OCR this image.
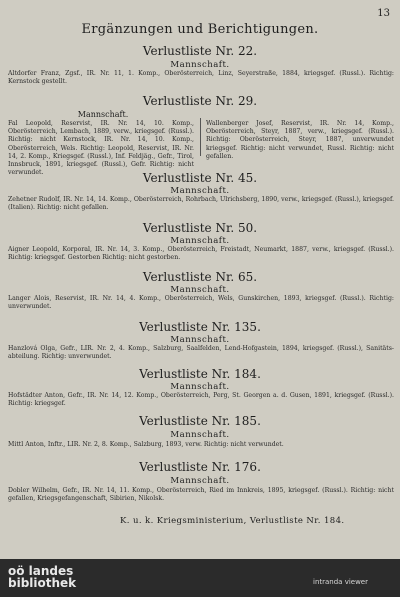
13
Ergänzungen und Berichtigungen.
Verlustliste Nr. 22.
Mannschaft.
Altdorfer Franz, Zgsf., IR. Nr. 11, 1. Komp., Oberösterreich, Linz, Seyerstraße, 1884, kriegsgef. (Russl.). Richtig: Kernstock gestellt.
Verlustliste Nr. 29.
Mannschaft.
Fal Leopold, Reservist, IR. Nr. 14, 10. Komp., Oberösterreich, Lembach, 1889, verw., kriegsgef. (Russl.). Richtig: nicht Kernstock, IR. Nr. 14, 10. Komp., Oberösterreich, Wels. Richtig: Leopold, Reservist, IR. Nr. 14, 2. Komp., Kriegsgef. (Russl.), Inf. Feldjäg., Gefr., Tirol, Innsbruck, 1891, kriegsgef. (Russl.), Gefr. Richtig: nicht verwundet.
Wallenberger Josef, Reservist, IR. Nr. 14, Komp., Oberösterreich, Steyr, 1887, verw., kriegsgef. (Russl.). Richtig: Oberösterreich, Steyr, 1887, unverwundet kriegsgef. Richtig: nicht verwundet, Russl. Richtig: nicht gefallen.
Verlustliste Nr. 45.
Mannschaft.
Zehetner Rudolf, IR. Nr. 14, 14. Komp., Oberösterreich, Rohrbach, Ulrichsberg, 1890, verw., kriegsgef. (Russl.), kriegsgef. (Italien). Richtig: nicht gefallen.
Verlustliste Nr. 50.
Mannschaft.
Aigner Leopold, Korporal, IR. Nr. 14, 3. Komp., Oberösterreich, Freistadt, Neumarkt, 1887, verw., kriegsgef. (Russl.). Richtig: kriegsgef. Gestorben Richtig: nicht gestorben.
Verlustliste Nr. 65.
Mannschaft.
Langer Alois, Reservist, IR. Nr. 14, 4. Komp., Oberösterreich, Wels, Gunskirchen, 1893, kriegsgef. (Russl.). Richtig: unverwundet.
Verlustliste Nr. 135.
Mannschaft.
Hanzlová Olga, Gefr., LIR. Nr. 2, 4. Komp., Salzburg, Saalfelden, Lend-Hofgastein, 1894, kriegsgef. (Russl.), Sanitäts-abteilung. Richtig: unverwundet.
Verlustliste Nr. 184.
Mannschaft.
Hofstädter Anton, Gefr., IR. Nr. 14, 12. Komp., Oberösterreich, Perg, St. Georgen a. d. Gusen, 1891, kriegsgef. (Russl.). Richtig: kriegsgef.
Verlustliste Nr. 185.
Mannschaft.
Mittl Anton, Inftr., LIR. Nr. 2, 8. Komp., Salzburg, 1893, verw. Richtig: nicht verwundet.
Verlustliste Nr. 176.
Mannschaft.
Dobler Wilhelm, Gefr., IR. Nr. 14, 11. Komp., Oberösterreich, Ried im Innkreis, 1895, kriegsgef. (Russl.). Richtig: nicht gefallen, Kriegsgefangenschaft, Sibirien, Nikolsk.
K. u. k. Kriegsministerium, Verlustliste Nr. 184.
oö landes
bibliothek	intranda viewer
